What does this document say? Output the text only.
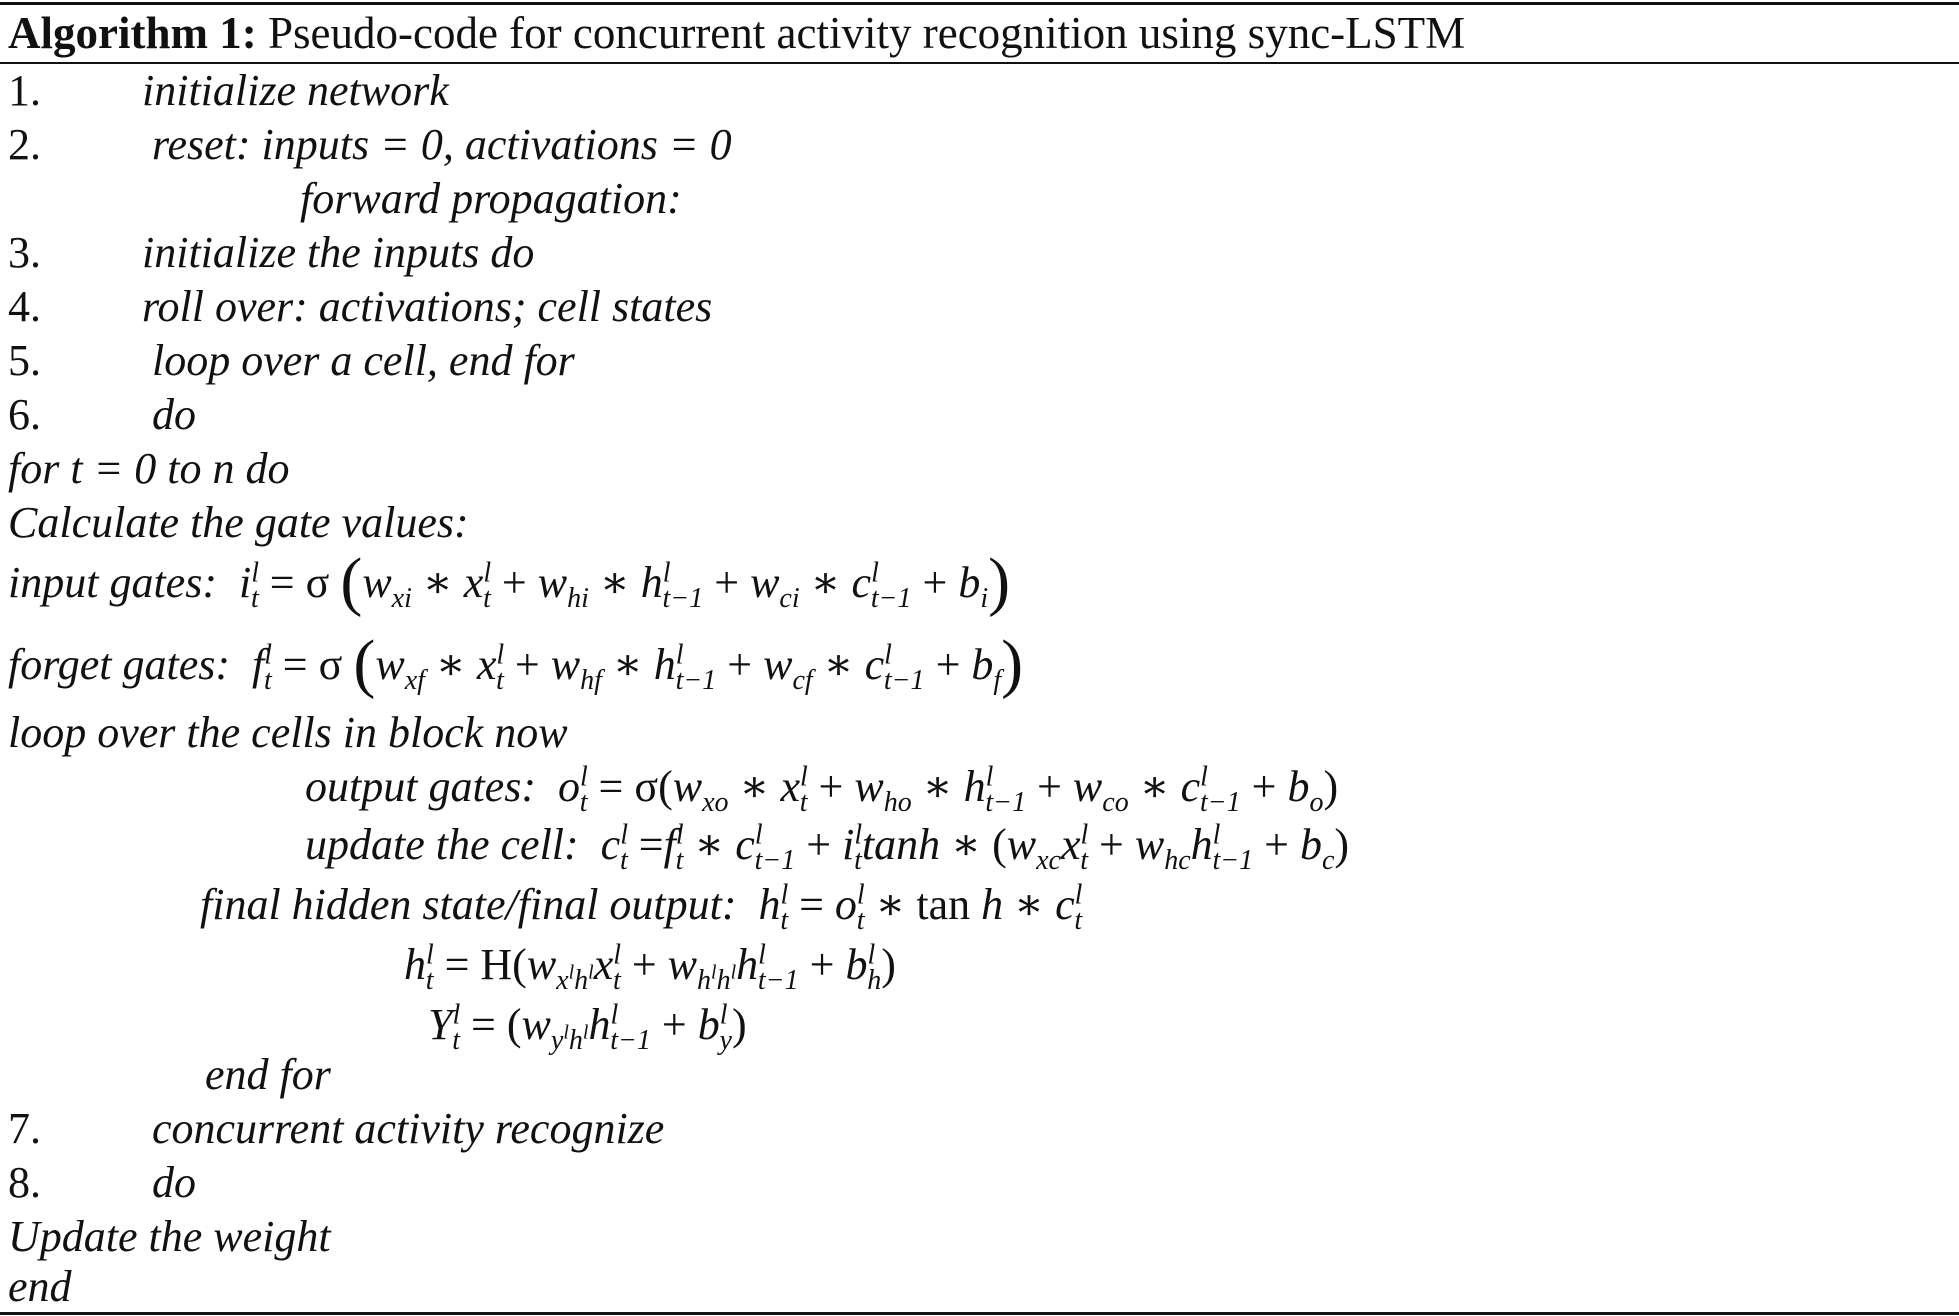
Algorithm 1: Pseudo-code for concurrent activity recognition using sync-LSTM
1. initialize network
2.	reset: inputs = 0, activations = 0
forward propagation:
3. initialize the inputs do
4. roll over: activations; cell states
5.	loop over a cell, end for
6.	do
for t = 0 to n do
Calculate the gate values:
input gates:  $i^l_t = \sigma$ ($w_{xi}$ ∗ $x^l_t + w_{hi}$ ∗ $h^l_{t-1} + w_{ci}$ ∗ $c^l_{t-1} + b_i$)
forget gates:  $f^l_t = \sigma$ ($w_{xf}$ ∗ $x^l_t + w_{hf}$ ∗ $h^l_{t-1} + w_{cf}$ ∗ $c^l_{t-1} + b_f$)
loop over the cells in block now
output gates:  $o^l_t = \sigma(w_{xo}$ ∗ $x^l_t + w_{ho}$ ∗ $h^l_{t-1} + w_{co}$ ∗ $c^l_{t-1} + b_o$)
update the cell:  $c^l_t =f^l_t$ ∗ $c^l_{t-1} + i^l_t\tanh$ ∗ $(w_{xc}x^l_t + w_{hc}h^l_{t-1} + b_c)$
final hidden state/final output:  $h^l_t = o^l_t$ ∗ tan h ∗ $c^l_t$
$h^l_t = H(w_{x^lh^l}x^l_t + w_{h^lh^l}h^l_{t-1} + b^l_h)$
$Y^l_t = (w_{y^lh^l}h^l_{t-1} + b^l_y)$
end for
7.	concurrent activity recognize
8.	do
Update the weight
end
